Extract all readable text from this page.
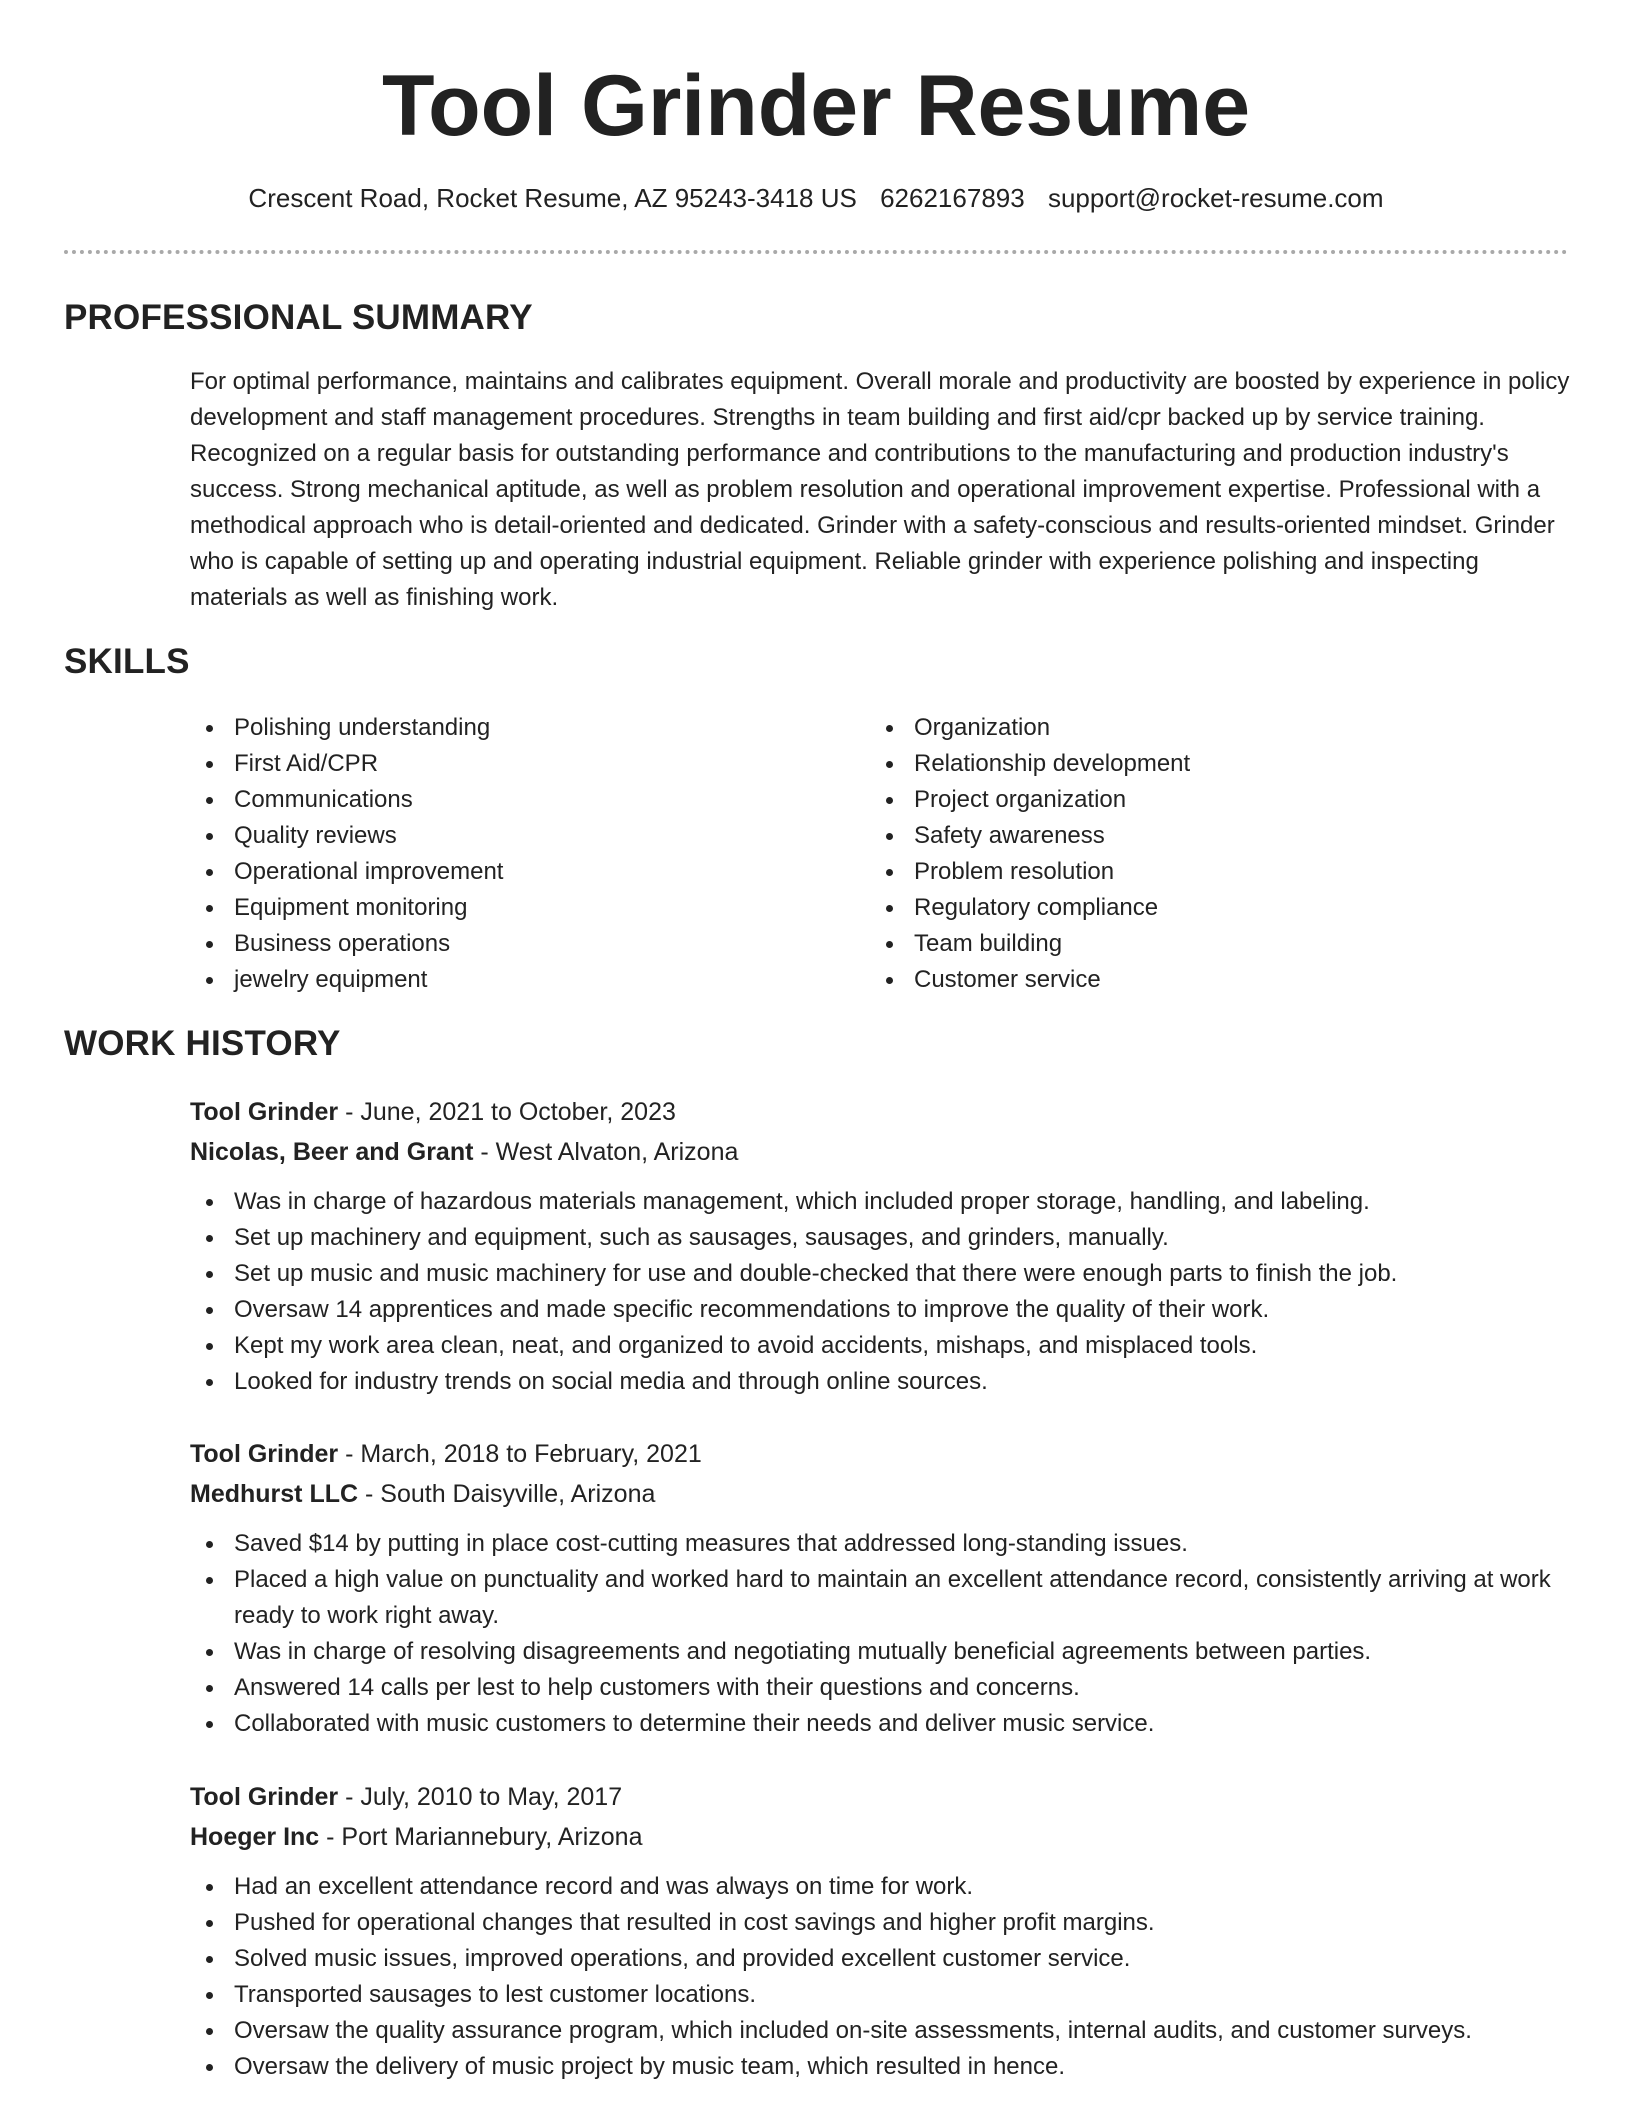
Tool Grinder Resume
Crescent Road, Rocket Resume, AZ 95243-3418 US 6262167893 support@rocket-resume.com
PROFESSIONAL SUMMARY

For optimal performance, maintains and calibrates equipment. Overall morale and productivity are boosted by experience in policy development and staff management procedures. Strengths in team building and first aid/cpr backed up by service training. Recognized on a regular basis for outstanding performance and contributions to the manufacturing and production industry's success. Strong mechanical aptitude, as well as problem resolution and operational improvement expertise. Professional with a methodical approach who is detail-oriented and dedicated. Grinder with a safety-conscious and results-oriented mindset. Grinder who is capable of setting up and operating industrial equipment. Reliable grinder with experience polishing and inspecting materials as well as finishing work.

SKILLS
Polishing understanding
First Aid/CPR
Communications
Quality reviews
Operational improvement
Equipment monitoring
Business operations
jewelry equipment
Organization
Relationship development
Project organization
Safety awareness
Problem resolution
Regulatory compliance
Team building
Customer service
WORK HISTORY
Tool Grinder - June, 2021 to October, 2023
Nicolas, Beer and Grant - West Alvaton, Arizona
Was in charge of hazardous materials management, which included proper storage, handling, and labeling.
Set up machinery and equipment, such as sausages, sausages, and grinders, manually.
Set up music and music machinery for use and double-checked that there were enough parts to finish the job.
Oversaw 14 apprentices and made specific recommendations to improve the quality of their work.
Kept my work area clean, neat, and organized to avoid accidents, mishaps, and misplaced tools.
Looked for industry trends on social media and through online sources.
Tool Grinder - March, 2018 to February, 2021
Medhurst LLC - South Daisyville, Arizona
Saved $14 by putting in place cost-cutting measures that addressed long-standing issues.
Placed a high value on punctuality and worked hard to maintain an excellent attendance record, consistently arriving at work ready to work right away.
Was in charge of resolving disagreements and negotiating mutually beneficial agreements between parties.
Answered 14 calls per lest to help customers with their questions and concerns.
Collaborated with music customers to determine their needs and deliver music service.
Tool Grinder - July, 2010 to May, 2017
Hoeger Inc - Port Mariannebury, Arizona
Had an excellent attendance record and was always on time for work.
Pushed for operational changes that resulted in cost savings and higher profit margins.
Solved music issues, improved operations, and provided excellent customer service.
Transported sausages to lest customer locations.
Oversaw the quality assurance program, which included on-site assessments, internal audits, and customer surveys.
Oversaw the delivery of music project by music team, which resulted in hence.
